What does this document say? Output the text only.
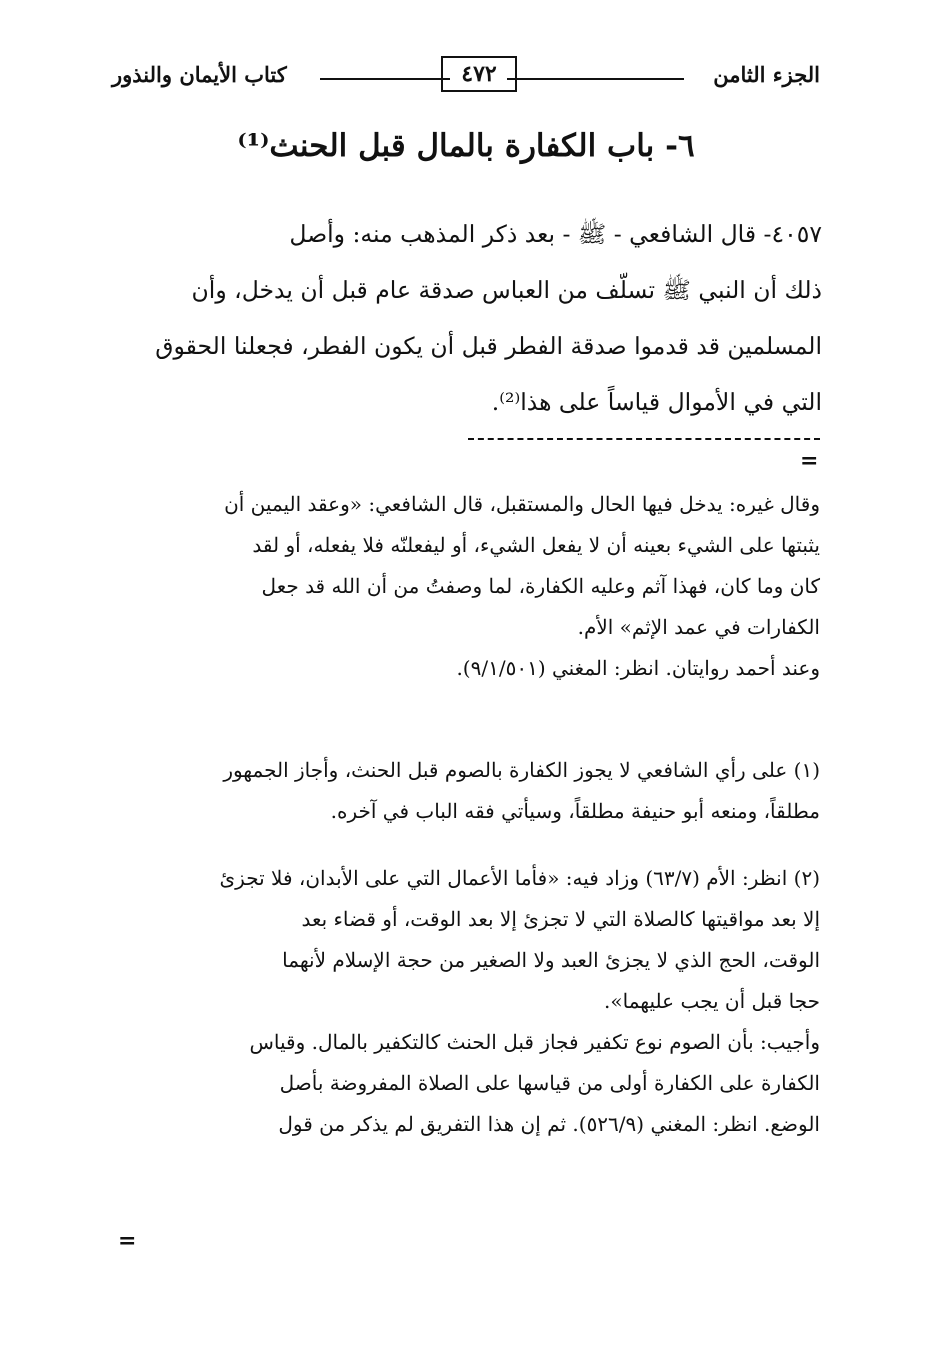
الجزء الثامن
٤٧٢
كتاب الأيمان والنذور
٦- باب الكفارة بالمال قبل الحنث⁽¹⁾

٤٠٥٧- قال الشافعي - ﷺ - بعد ذكر المذهب منه: وأصل

ذلك أن النبي ﷺ تسلّف من العباس صدقة عام قبل أن يدخل، وأن

المسلمين قد قدموا صدقة الفطر قبل أن يكون الفطر، فجعلنا الحقوق

التي في الأموال قياساً على هذا⁽²⁾.

=

وقال غيره: يدخل فيها الحال والمستقبل، قال الشافعي: «وعقد اليمين أن

يثبتها على الشيء بعينه أن لا يفعل الشيء، أو ليفعلنّه فلا يفعله، أو لقد

كان وما كان، فهذا آثم وعليه الكفارة، لما وصفتُ من أن الله قد جعل

الكفارات في عمد الإثم» الأم.

وعند أحمد روايتان. انظر: المغني (٩/١/٥٠١).

(١) على رأي الشافعي لا يجوز الكفارة بالصوم قبل الحنث، وأجاز الجمهور

مطلقاً، ومنعه أبو حنيفة مطلقاً، وسيأتي فقه الباب في آخره.

(٢) انظر: الأم (٦٣/٧) وزاد فيه: «فأما الأعمال التي على الأبدان، فلا تجزئ

إلا بعد مواقيتها كالصلاة التي لا تجزئ إلا بعد الوقت، أو قضاء بعد

الوقت، الحج الذي لا يجزئ العبد ولا الصغير من حجة الإسلام لأنهما

حجا قبل أن يجب عليهما».

وأجيب: بأن الصوم نوع تكفير فجاز قبل الحنث كالتكفير بالمال. وقياس

الكفارة على الكفارة أولى من قياسها على الصلاة المفروضة بأصل

الوضع. انظر: المغني (٥٢٦/٩). ثم إن هذا التفريق لم يذكر من قول

=
